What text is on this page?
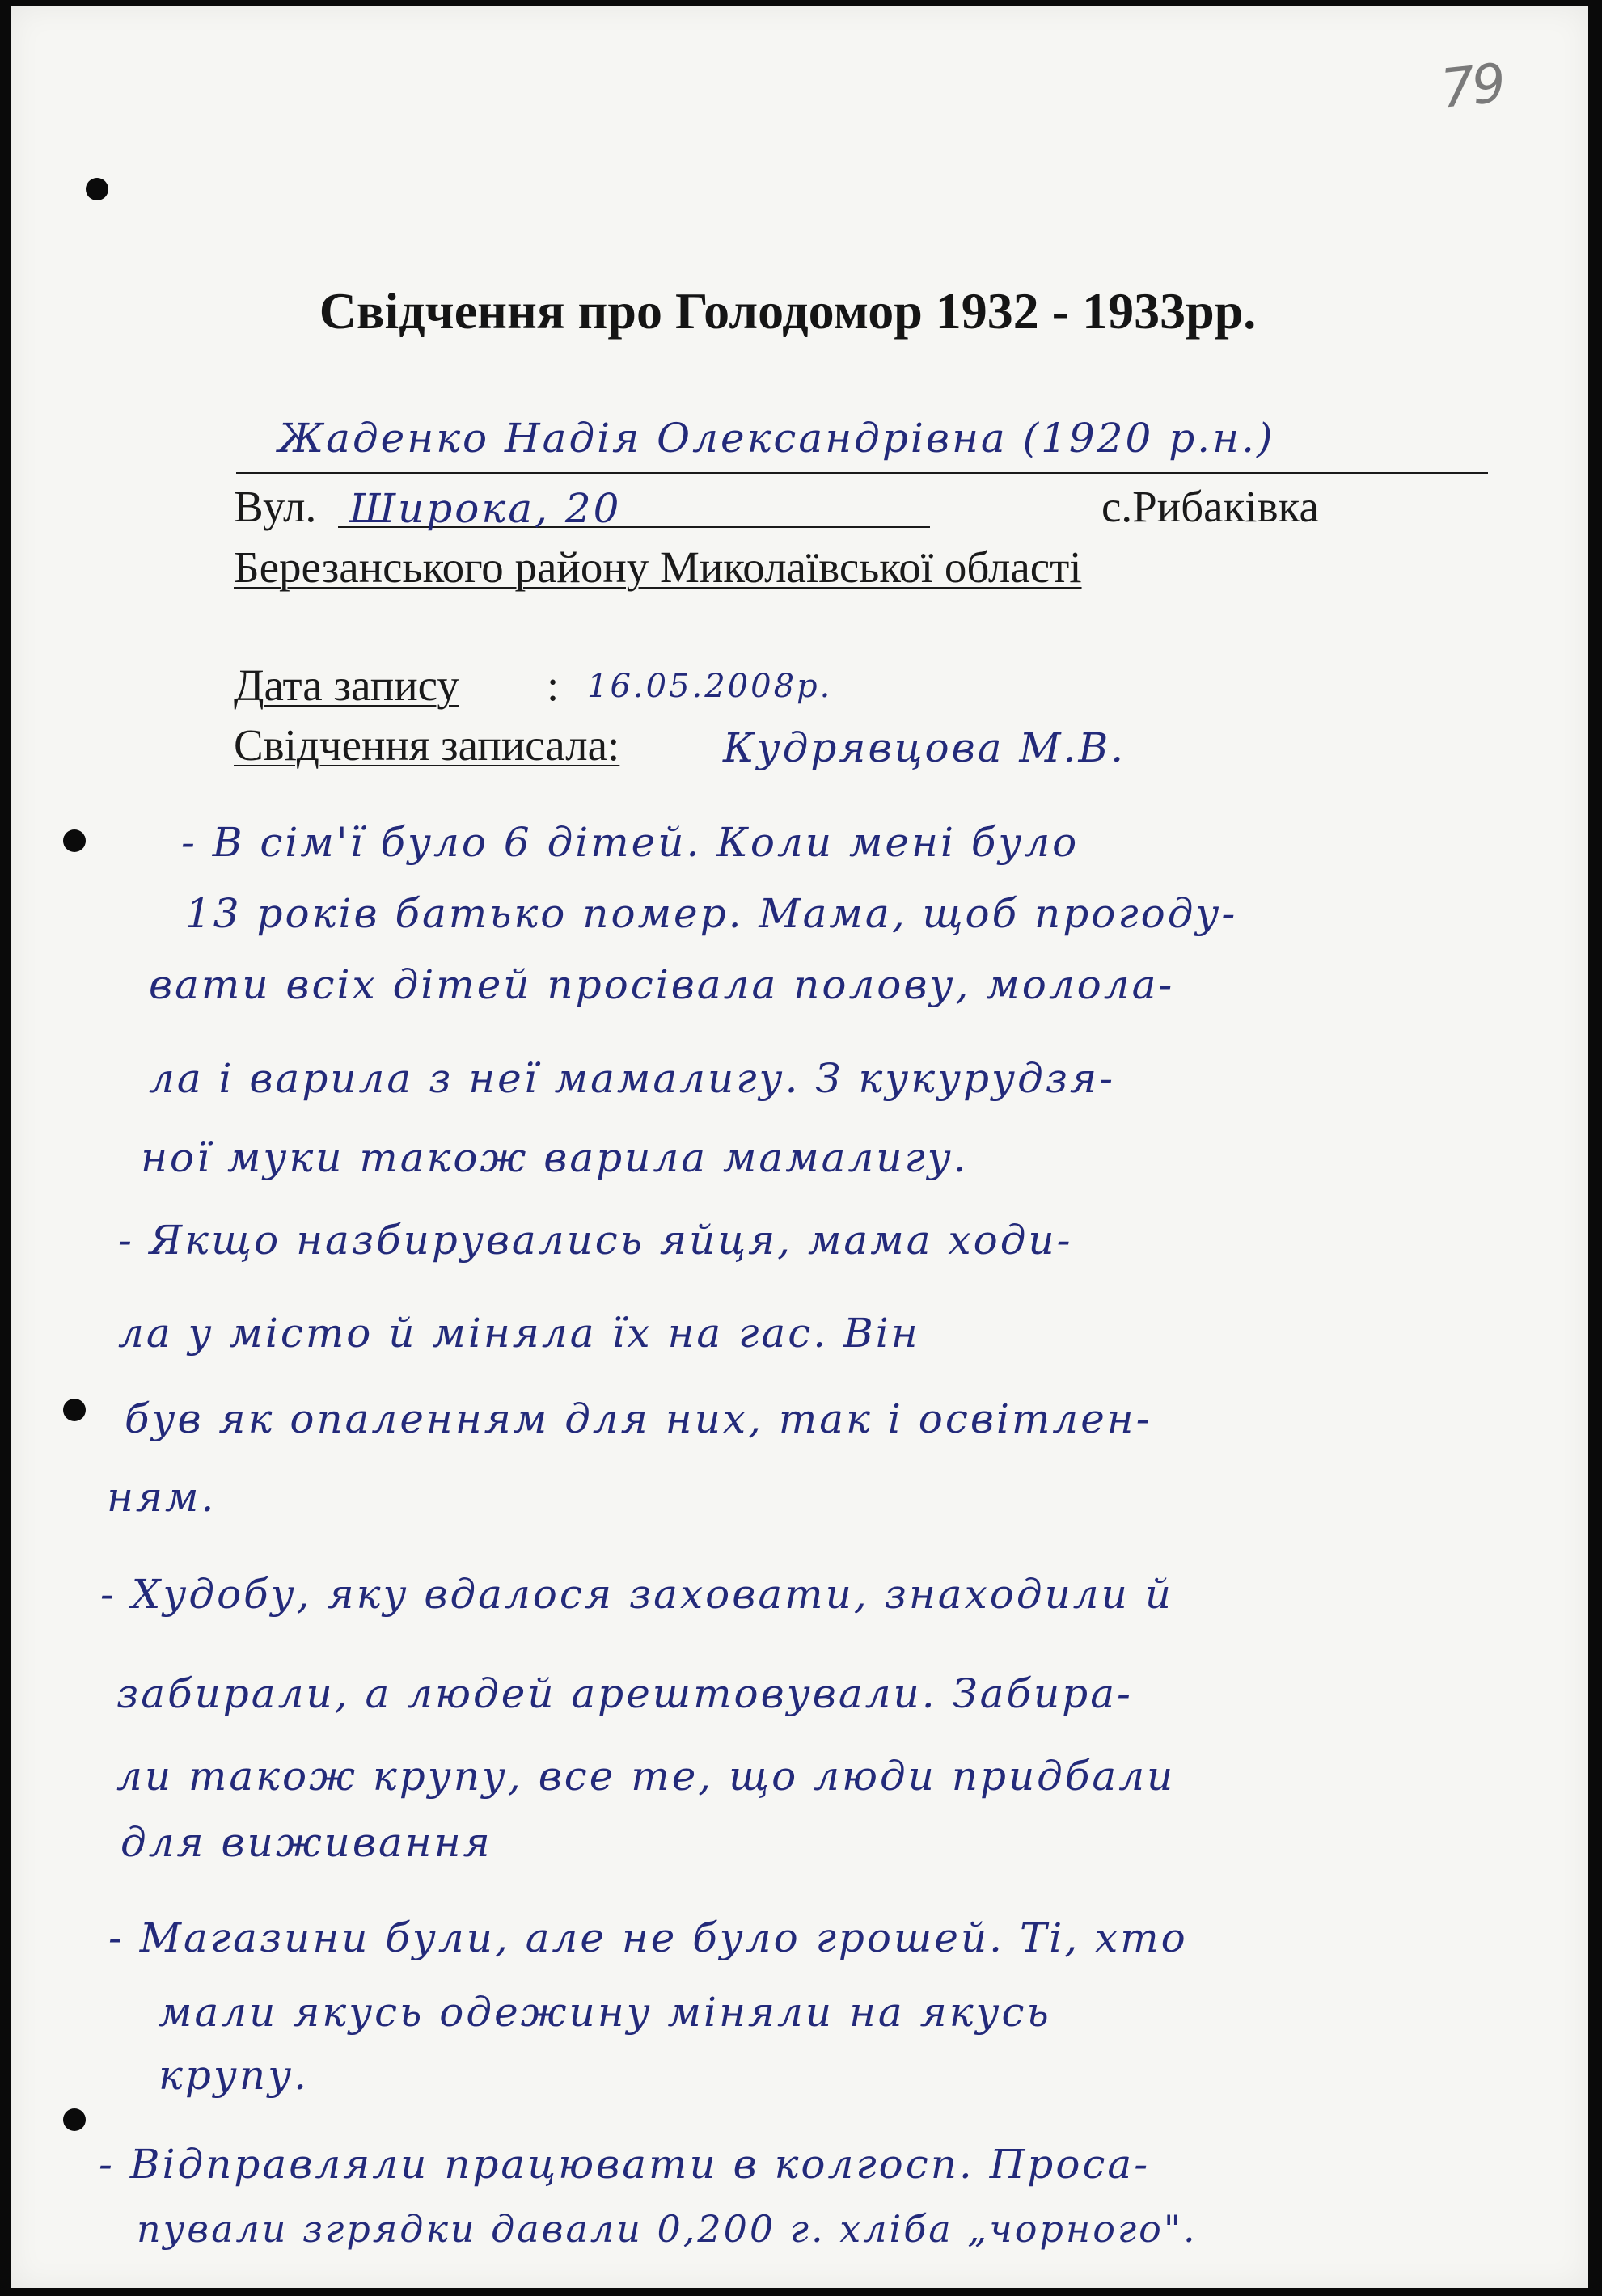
79
Свідчення про Голодомор 1932 - 1933рр.
Жаденко Надія Олександрівна (1920 р.н.)
Вул. Широка, 20	с.Рибаківка
Березанського району Миколаївської області
Дата запису : 16.05.2008р.
Свідчення записала:	Кудрявцова М.В.
- В сім'ї було 6 дітей. Коли мені було
13 років батько помер. Мама, щоб прогоду-
вати всіх дітей просівала полову, молола-
ла і варила з неї мамалигу. З кукурудзя-
ної муки також варила мамалигу.
- Якщо назбирувались яйця, мама ходи-
ла у місто й міняла їх на гас. Він
був як опаленням для них, так і освітлен-
ням.
- Худобу, яку вдалося заховати, знаходили й
забирали, а людей арештовували. Забира-
ли також крупу, все те, що люди придбали
для виживання
- Магазини були, але не було грошей. Ті, хто
мали якусь одежину міняли на якусь
крупу.
- Відправляли працювати в колгосп. Проса-
пували згрядки давали 0,200 г. хліба „чорного".
